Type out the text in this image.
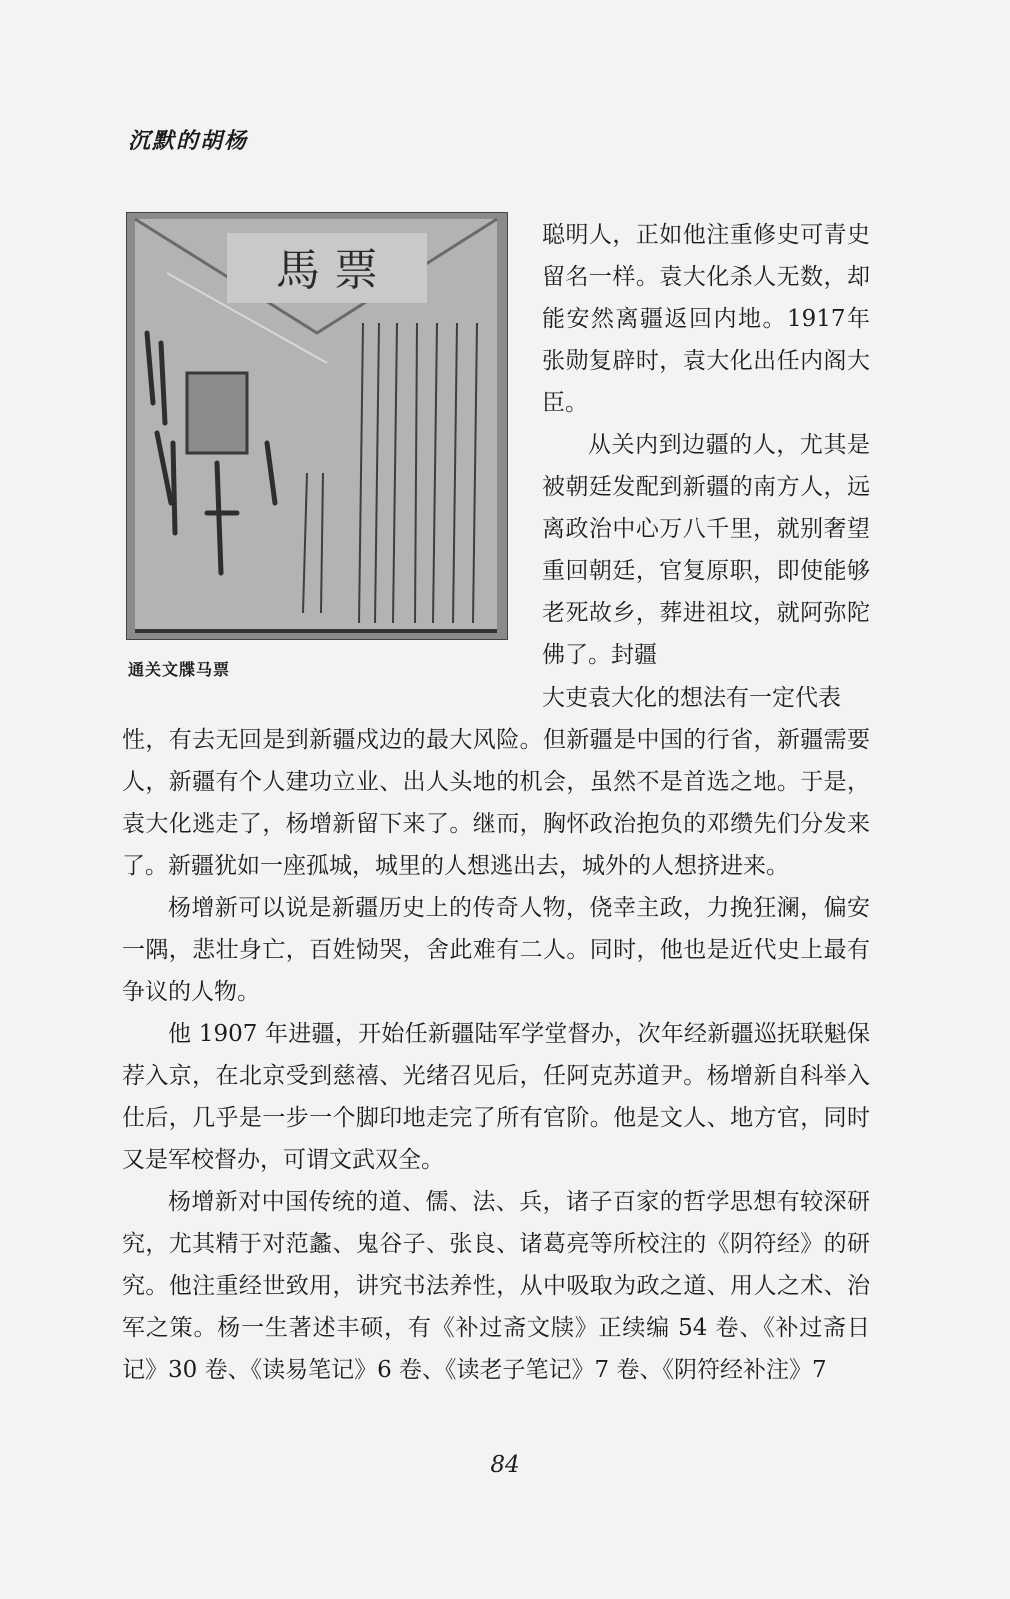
沉默的胡杨
馬 票
通关文牒马票

聪明人，正如他注重修史可青史留名一样。袁大化杀人无数，却能安然离疆返回内地。1917年张勋复辟时，袁大化出任内阁大臣。

从关内到边疆的人，尤其是被朝廷发配到新疆的南方人，远离政治中心万八千里，就别奢望重回朝廷，官复原职，即使能够老死故乡，葬进祖坟，就阿弥陀佛了。封疆

大吏袁大化的想法有一定代表

性，有去无回是到新疆戍边的最大风险。但新疆是中国的行省，新疆需要人，新疆有个人建功立业、出人头地的机会，虽然不是首选之地。于是，袁大化逃走了，杨增新留下来了。继而，胸怀政治抱负的邓缵先们分发来了。新疆犹如一座孤城，城里的人想逃出去，城外的人想挤进来。

杨增新可以说是新疆历史上的传奇人物，侥幸主政，力挽狂澜，偏安一隅，悲壮身亡，百姓恸哭，舍此难有二人。同时，他也是近代史上最有争议的人物。

他 1907 年进疆，开始任新疆陆军学堂督办，次年经新疆巡抚联魁保荐入京，在北京受到慈禧、光绪召见后，任阿克苏道尹。杨增新自科举入仕后，几乎是一步一个脚印地走完了所有官阶。他是文人、地方官，同时又是军校督办，可谓文武双全。

杨增新对中国传统的道、儒、法、兵，诸子百家的哲学思想有较深研究，尤其精于对范蠡、鬼谷子、张良、诸葛亮等所校注的《阴符经》的研究。他注重经世致用，讲究书法养性，从中吸取为政之道、用人之术、治军之策。杨一生著述丰硕，有《补过斋文牍》正续编 54 卷、《补过斋日记》30 卷、《读易笔记》6 卷、《读老子笔记》7 卷、《阴符经补注》7

84
